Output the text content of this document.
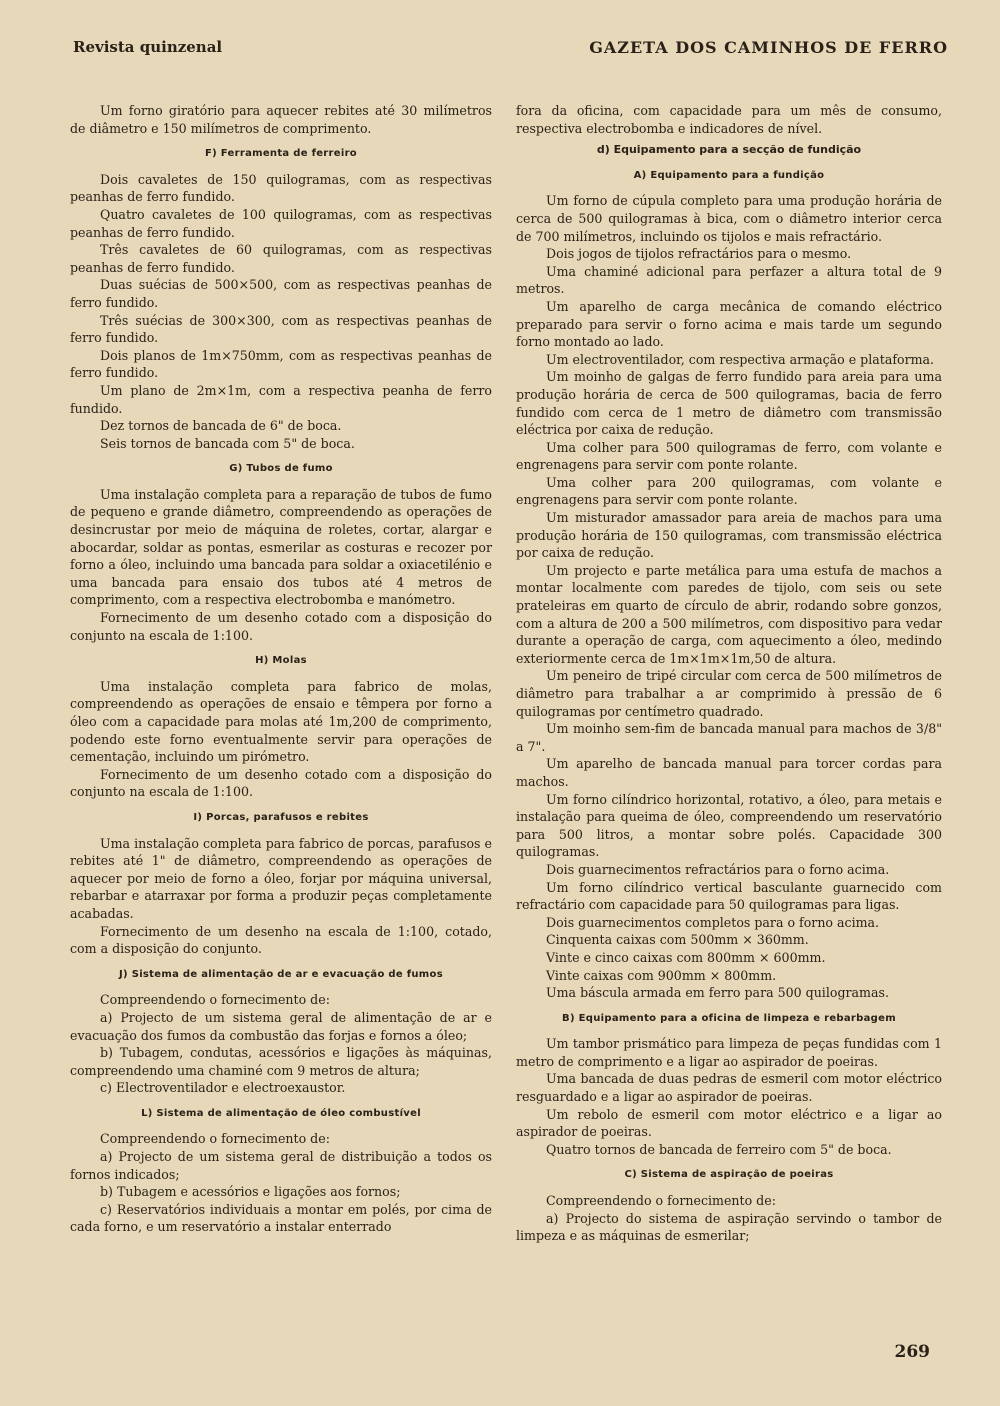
Revista quinzenal	GAZETA DOS CAMINHOS DE FERRO

Um forno giratório para aquecer rebites até 30 milímetros de diâmetro e 150 milímetros de comprimento.

F) Ferramenta de ferreiro

Dois cavaletes de 150 quilogramas, com as respectivas peanhas de ferro fundido.

Quatro cavaletes de 100 quilogramas, com as respectivas peanhas de ferro fundido.

Três cavaletes de 60 quilogramas, com as respectivas peanhas de ferro fundido.

Duas suécias de 500×500, com as respectivas peanhas de ferro fundido.

Três suécias de 300×300, com as respectivas peanhas de ferro fundido.

Dois planos de 1m×750mm, com as respectivas peanhas de ferro fundido.

Um plano de 2m×1m, com a respectiva peanha de ferro fundido.

Dez tornos de bancada de 6" de boca.

Seis tornos de bancada com 5" de boca.

G) Tubos de fumo

Uma instalação completa para a reparação de tubos de fumo de pequeno e grande diâmetro, compreendendo as operações de desincrustar por meio de máquina de roletes, cortar, alargar e abocardar, soldar as pontas, esmerilar as costuras e recozer por forno a óleo, incluindo uma bancada para soldar a oxiacetilénio e uma bancada para ensaio dos tubos até 4 metros de comprimento, com a respectiva electrobomba e manómetro.

Fornecimento de um desenho cotado com a disposição do conjunto na escala de 1:100.

H) Molas

Uma instalação completa para fabrico de molas, compreendendo as operações de ensaio e têmpera por forno a óleo com a capacidade para molas até 1m,200 de comprimento, podendo este forno eventualmente servir para operações de cementação, incluindo um pirómetro.

Fornecimento de um desenho cotado com a disposição do conjunto na escala de 1:100.

I) Porcas, parafusos e rebites

Uma instalação completa para fabrico de porcas, parafusos e rebites até 1" de diâmetro, compreendendo as operações de aquecer por meio de forno a óleo, forjar por máquina universal, rebarbar e atarraxar por forma a produzir peças completamente acabadas.

Fornecimento de um desenho na escala de 1:100, cotado, com a disposição do conjunto.

J) Sistema de alimentação de ar e evacuação de fumos

Compreendendo o fornecimento de:

a) Projecto de um sistema geral de alimentação de ar e evacuação dos fumos da combustão das forjas e fornos a óleo;

b) Tubagem, condutas, acessórios e ligações às máquinas, compreendendo uma chaminé com 9 metros de altura;

c) Electroventilador e electroexaustor.

L) Sistema de alimentação de óleo combustível

Compreendendo o fornecimento de:

a) Projecto de um sistema geral de distribuição a todos os fornos indicados;

b) Tubagem e acessórios e ligações aos fornos;

c) Reservatórios individuais a montar em polés, por cima de cada forno, e um reservatório a instalar enterrado

fora da oficina, com capacidade para um mês de consumo, respectiva electrobomba e indicadores de nível.

d) Equipamento para a secção de fundição
A) Equipamento para a fundição

Um forno de cúpula completo para uma produção horária de cerca de 500 quilogramas à bica, com o diâmetro interior cerca de 700 milímetros, incluindo os tijolos e mais refractário.

Dois jogos de tijolos refractários para o mesmo.

Uma chaminé adicional para perfazer a altura total de 9 metros.

Um aparelho de carga mecânica de comando eléctrico preparado para servir o forno acima e mais tarde um segundo forno montado ao lado.

Um electroventilador, com respectiva armação e plataforma.

Um moinho de galgas de ferro fundido para areia para uma produção horária de cerca de 500 quilogramas, bacia de ferro fundido com cerca de 1 metro de diâmetro com transmissão eléctrica por caixa de redução.

Uma colher para 500 quilogramas de ferro, com volante e engrenagens para servir com ponte rolante.

Uma colher para 200 quilogramas, com volante e engrenagens para servir com ponte rolante.

Um misturador amassador para areia de machos para uma produção horária de 150 quilogramas, com transmissão eléctrica por caixa de redução.

Um projecto e parte metálica para uma estufa de machos a montar localmente com paredes de tijolo, com seis ou sete prateleiras em quarto de círculo de abrir, rodando sobre gonzos, com a altura de 200 a 500 milímetros, com dispositivo para vedar durante a operação de carga, com aquecimento a óleo, medindo exteriormente cerca de 1m×1m×1m,50 de altura.

Um peneiro de tripé circular com cerca de 500 milímetros de diâmetro para trabalhar a ar comprimido à pressão de 6 quilogramas por centímetro quadrado.

Um moinho sem-fim de bancada manual para machos de 3/8" a 7".

Um aparelho de bancada manual para torcer cordas para machos.

Um forno cilíndrico horizontal, rotativo, a óleo, para metais e instalação para queima de óleo, compreendendo um reservatório para 500 litros, a montar sobre polés. Capacidade 300 quilogramas.

Dois guarnecimentos refractários para o forno acima.

Um forno cilíndrico vertical basculante guarnecido com refractário com capacidade para 50 quilogramas para ligas.

Dois guarnecimentos completos para o forno acima.

Cinquenta caixas com 500mm × 360mm.

Vinte e cinco caixas com 800mm × 600mm.

Vinte caixas com 900mm × 800mm.

Uma báscula armada em ferro para 500 quilogramas.

B) Equipamento para a oficina de limpeza e rebarbagem

Um tambor prismático para limpeza de peças fundidas com 1 metro de comprimento e a ligar ao aspirador de poeiras.

Uma bancada de duas pedras de esmeril com motor eléctrico resguardado e a ligar ao aspirador de poeiras.

Um rebolo de esmeril com motor eléctrico e a ligar ao aspirador de poeiras.

Quatro tornos de bancada de ferreiro com 5" de boca.

C) Sistema de aspiração de poeiras

Compreendendo o fornecimento de:

a) Projecto do sistema de aspiração servindo o tambor de limpeza e as máquinas de esmerilar;

269
